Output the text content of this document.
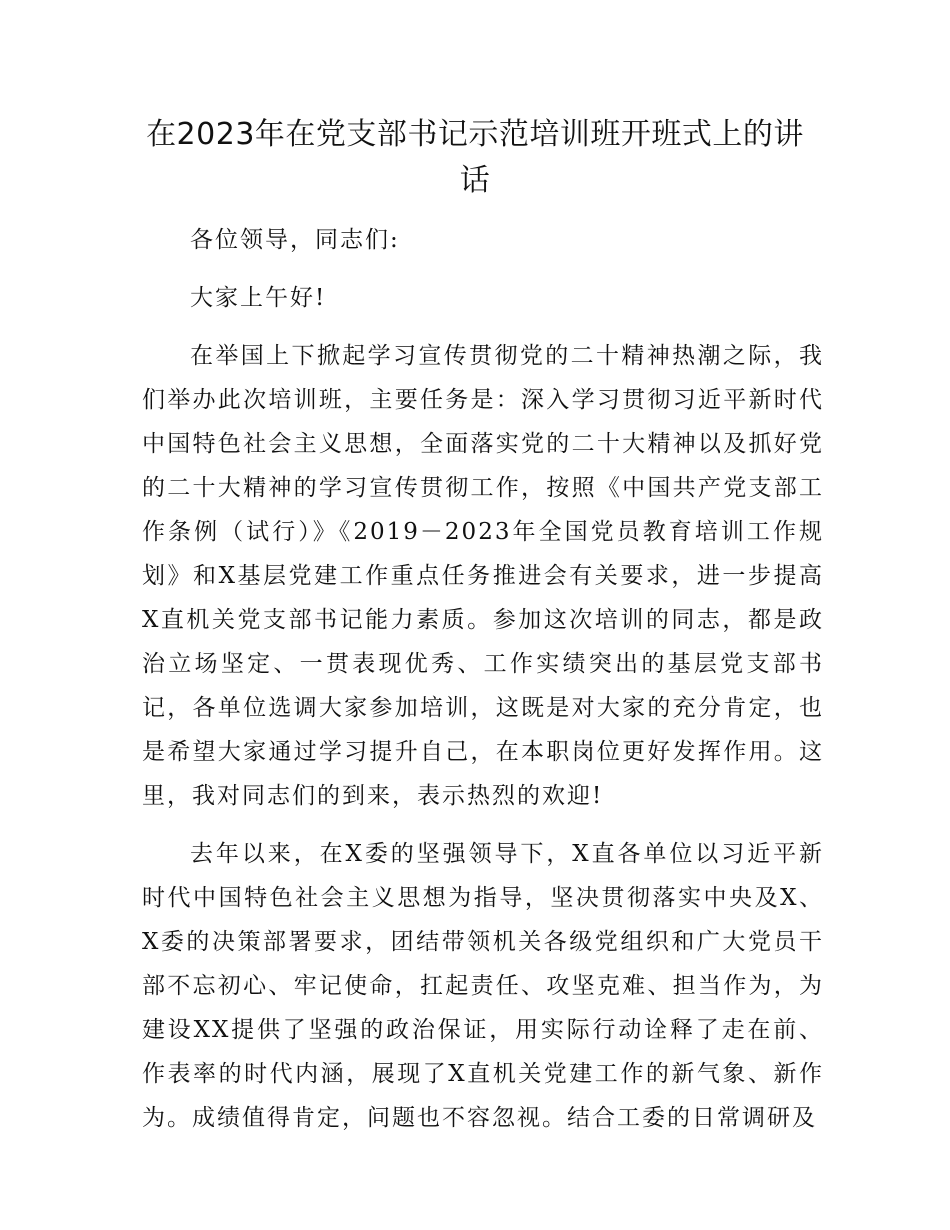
在2023年在党支部书记示范培训班开班式上的讲话

各位领导，同志们:

大家上午好!

在举国上下掀起学习宣传贯彻党的二十精神热潮之际，我们举办此次培训班，主要任务是：深入学习贯彻习近平新时代中国特色社会主义思想，全面落实党的二十大精神以及抓好党的二十大精神的学习宣传贯彻工作，按照《中国共产党支部工作条例（试行）》《2019－2023年全国党员教育培训工作规划》和X基层党建工作重点任务推进会有关要求，进一步提高X直机关党支部书记能力素质。参加这次培训的同志，都是政治立场坚定、一贯表现优秀、工作实绩突出的基层党支部书记，各单位选调大家参加培训，这既是对大家的充分肯定，也是希望大家通过学习提升自己，在本职岗位更好发挥作用。这里，我对同志们的到来，表示热烈的欢迎!

去年以来，在X委的坚强领导下，X直各单位以习近平新时代中国特色社会主义思想为指导，坚决贯彻落实中央及X、X委的决策部署要求，团结带领机关各级党组织和广大党员干部不忘初心、牢记使命，扛起责任、攻坚克难、担当作为，为建设XX提供了坚强的政治保证，用实际行动诠释了走在前、作表率的时代内涵，展现了X直机关党建工作的新气象、新作为。成绩值得肯定，问题也不容忽视。结合工委的日常调研及
